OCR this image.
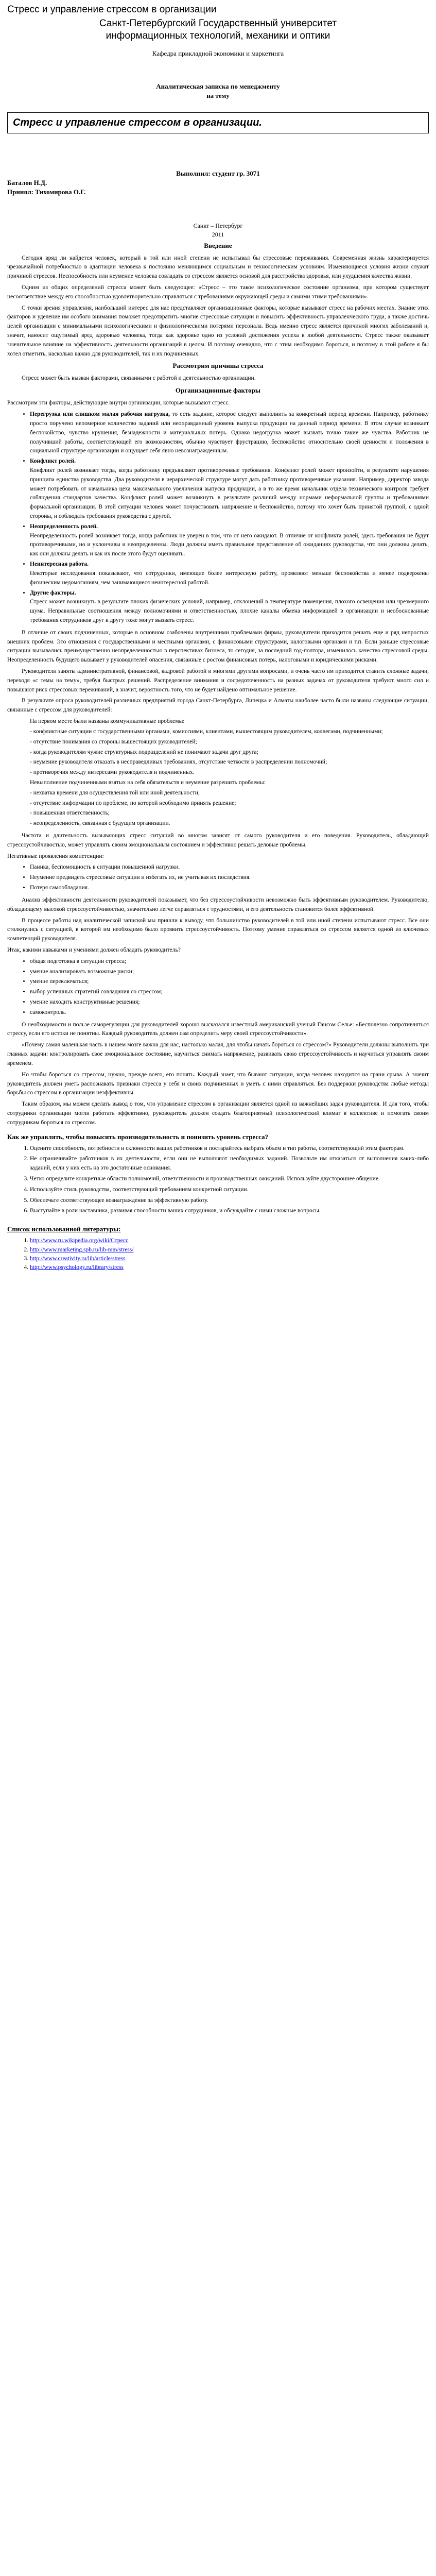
Стресс и управление стрессом в организации

Санкт-Петербургский Государственный университет

информационных технологий, механики и оптики

Кафедра прикладной экономики и маркетинга
Аналитическая записка по менеджменту
на тему
Стресс и управление стрессом в организации.
Выполнил: студент гр. 3071
Баталов Н.Д.
Принял: Тихомирова О.Г.
Санкт – Петербург
2011
Введение

Сегодня вряд ли найдется человек, который в той или иной степени не испытывал бы стрессовые переживания. Современная жизнь характеризуется чрезвычайной потребностью в адаптации человека к постоянно меняющимся социальным и технологическим условиям. Изменяющиеся условия жизни служат причиной стрессов. Неспособность или неумение человека совладать со стрессом является основой для расстройства здоровья, или ухудшения качества жизни.

Одним из общих определений стресса может быть следующее: «Стресс – это такое психологическое состояние организма, при котором существует несоответствие между его способностью удовлетворительно справляться с требованиями окружающей среды и самими этими требованиями».

С точки зрения управления, наибольший интерес для нас представляют организационные факторы, которые вызывают стресс на рабочих местах. Знание этих факторов и уделение им особого внимания поможет предотвратить многие стрессовые ситуации и повысить эффективность управленческого труда, а также достичь целей организации с минимальными психологическими и физиологическими потерями персонала. Ведь именно стресс является причиной многих заболеваний и, значит, наносит ощутимый вред здоровью человека, тогда как здоровье одно из условий достижения успеха в любой деятельности. Стресс также оказывает значительное влияние на эффективность деятельности организаций в целом. И поэтому очевидно, что с этим необходимо бороться, и поэтому в этой работе я бы хотел отметить, насколько важно для руководителей, так и их подчиненных.

Рассмотрим причины стресса

Стресс может быть вызван факторами, связанными с работой и деятельностью организации.

Организационные факторы

Рассмотрим эти факторы, действующие внутри организации, которые вызывают стресс.

• Перегрузка или слишком малая рабочая нагрузка, то есть задание, которое следует выполнить за конкретный период времени. Например, работнику просто поручено непомерное количество заданий или неоправданный уровень выпуска продукции на данный период времени. В этом случае возникает беспокойство, чувство крушения, безнадежности и материальных потерь. Однако недогрузка может вызвать точно такие же чувства. Работник не получивший работы, соответствующей его возможностям, обычно чувствует фрустрацию, беспокойство относительно своей ценности и положения в социальной структуре организации и ощущает себя явно невознагражденным.
• Конфликт ролей.
Конфликт ролей возникает тогда, когда работнику предъявляют противоречивые требования. Конфликт ролей может произойти, в результате нарушения принципа единства руководства. Два руководителя в иерархической структуре могут дать работнику противоречивые указания. Например, директор завода может потребовать от начальника цеха максимального увеличения выпуска продукции, а в то же время начальник отдела технического контроля требует соблюдения стандартов качества. Конфликт ролей может возникнуть в результате различий между нормами неформальной группы и требованиями формальной организации. В этой ситуации человек может почувствовать напряжение и беспокойство, потому что хочет быть принятой группой, с одной стороны, и соблюдать требования руководства с другой.
• Неопределенность ролей.
Неопределенность ролей возникает тогда, когда работник не уверен в том, что от него ожидают. В отличие от конфликта ролей, здесь требования не будут противоречивыми, но и уклончивы и неопределенны. Люди должны иметь правильное представление об ожиданиях руководства, что они должны делать, как они должны делать и как их после этого будут оценивать.
• Неинтересная работа.
Некоторые исследования показывают, что сотрудники, имеющие более интересную работу, проявляют меньше беспокойства и менее подвержены физическим недомоганиям, чем занимающиеся неинтересной работой.
• Другие факторы.
Стресс может возникнуть в результате плохих физических условий, например, отклонений в температуре помещения, плохого освещения или чрезмерного шума. Неправильные соотношения между полномочиями и ответственностью, плохие каналы обмена информацией в организации и необоснованные требования сотрудников друг к другу тоже могут вызвать стресс.

В отличие от своих подчиненных, которые в основном озабочены внутренними проблемами фирмы, руководители приходится решать еще и ряд непростых внешних проблем. Это отношения с государственными и местными органами, с финансовыми структурами, налоговыми органами и т.п. Если раньше стрессовые ситуации вызывались преимущественно неопределенностью в перспективах бизнеса, то сегодня, за последний год-полтора, изменилось качество стрессовой среды. Неопределенность будущего вызывает у руководителей опасения, связанные с ростом финансовых потерь, налоговыми и юридическими рисками.

Руководители заняты административной, финансовой, кадровой работой и многими другими вопросами, и очень часто им приходится ставить сложные задачи, переходя «с темы на тему», требуя быстрых решений. Распределение внимания и сосредоточенность на разных задачах от руководителя требуют много сил и повышают риск стрессовых переживаний, а значит, вероятность того, что не будет найдено оптимальное решение.

В результате опроса руководителей различных предприятий города Санкт-Петербурга, Липецка и Алматы наиболее часто были названы следующие ситуации, связанные с стрессом для руководителей:

На первом месте были названы коммуникативные проблемы:
- конфликтные ситуации с государственными органами, комиссиями, клиентами, вышестоящим руководителем, коллегами, подчиненными;
- отсутствие понимания со стороны вышестоящих руководителей;
- когда руководителям чужие структурных подразделений не понимают задачи друг друга;
- неумение руководителя отказать в несправедливых требованиях, отсутствие четкости в распределении полномочий;
- противоречия между интересами руководителя и подчиненных.
Невыполнение подчиненными взятых на себя обязательств и неумение разрешить проблемы:
- нехватка времени для осуществления той или иной деятельности;
- отсутствие информации по проблеме, по которой необходимо принять решение;
- повышенная ответственность;
- неопределенность, связанная с будущим организации.

Частота и длительность вызывающих стресс ситуаций во многом зависят от самого руководителя и его поведения. Руководитель, обладающий стрессоустойчивостью, может управлять своим эмоциональным состоянием и эффективно решать деловые проблемы.

Негативные проявления компетенции:

• Паника, беспомощность в ситуации повышенной нагрузки.
• Неумение предвидеть стрессовые ситуации и избегать их, не учитывая их последствия.
• Потеря самообладания.

Анализ эффективности деятельности руководителей показывает, что без стрессоустойчивости невозможно быть эффективным руководителем. Руководителю, обладающему высокой стрессоустойчивостью, значительно легче справляться с трудностями, и его деятельность становится более эффективной.

В процессе работы над аналитической запиской мы пришли к выводу, что большинство руководителей в той или иной степени испытывают стресс. Все они столкнулись с ситуацией, в которой им необходимо было проявить стрессоустойчивость. Поэтому умение справляться со стрессом является одной из ключевых компетенций руководителя.

Итак, какими навыками и умениями должен обладать руководитель?

• общая подготовка в ситуации стресса;
• умение анализировать возможные риски;
• умение переключаться;
• выбор успешных стратегий совладания со стрессом;
• умение находить конструктивные решения;
• самоконтроль.

О необходимости и пользе саморегуляции для руководителей хорошо высказался известный американский ученый Гансом Селье: «Бесполезно сопротивляться стрессу, если его истоки не понятны. Каждый руководитель должен сам определить меру своей стрессоустойчивости».

«Почему самая маленькая часть в нашем мозге важна для нас, настолько малая, для чтобы начать бороться со стрессом?» Руководители должны выполнять три главных задачи: контролировать свое эмоциональное состояние, научиться снимать напряжение, развивать свою стрессоустойчивость и научиться управлять своим временем.

Но чтобы бороться со стрессом, нужно, прежде всего, его понять. Каждый знает, что бывают ситуации, когда человек находится на грани срыва. А значит руководитель должен уметь распознавать признаки стресса у себя и своих подчиненных и уметь с ними справляться. Без поддержки руководства любые методы борьбы со стрессом в организации неэффективны.

Таким образом, мы можем сделать вывод о том, что управление стрессом в организации является одной из важнейших задач руководителя. И для того, чтобы сотрудники организации могли работать эффективно, руководитель должен создать благоприятный психологический климат в коллективе и помогать своим сотрудникам бороться со стрессом.

Как же управлять, чтобы повысить производительность и понизить уровень стресса?
1. Оцените способность, потребности и склонности ваших работников и постарайтесь выбрать объем и тип работы, соответствующий этим факторам.
2. Не ограничивайте работников в их деятельности, если они не выполняют необходимых заданий. Позвольте им отказаться от выполнения каких-либо заданий, если у них есть на это достаточные основания.
3. Четко определите конкретные области полномочий, ответственности и производственных ожиданий. Используйте двустороннее общение.
4. Используйте стиль руководства, соответствующий требованиям конкретной ситуации.
5. Обеспечьте соответствующее вознаграждение за эффективную работу.
6. Выступайте в роли наставника, развивая способности ваших сотрудников, и обсуждайте с ними сложные вопросы.
Список использованной литературы:
1. http://www.ru.wikipedia.org/wiki/Стресс
2. http://www.marketing.spb.ru/lib-mm/stress/
3. http://www.creativity.ru/lib/article/stress
4. http://www.psychology.ru/library/stress
